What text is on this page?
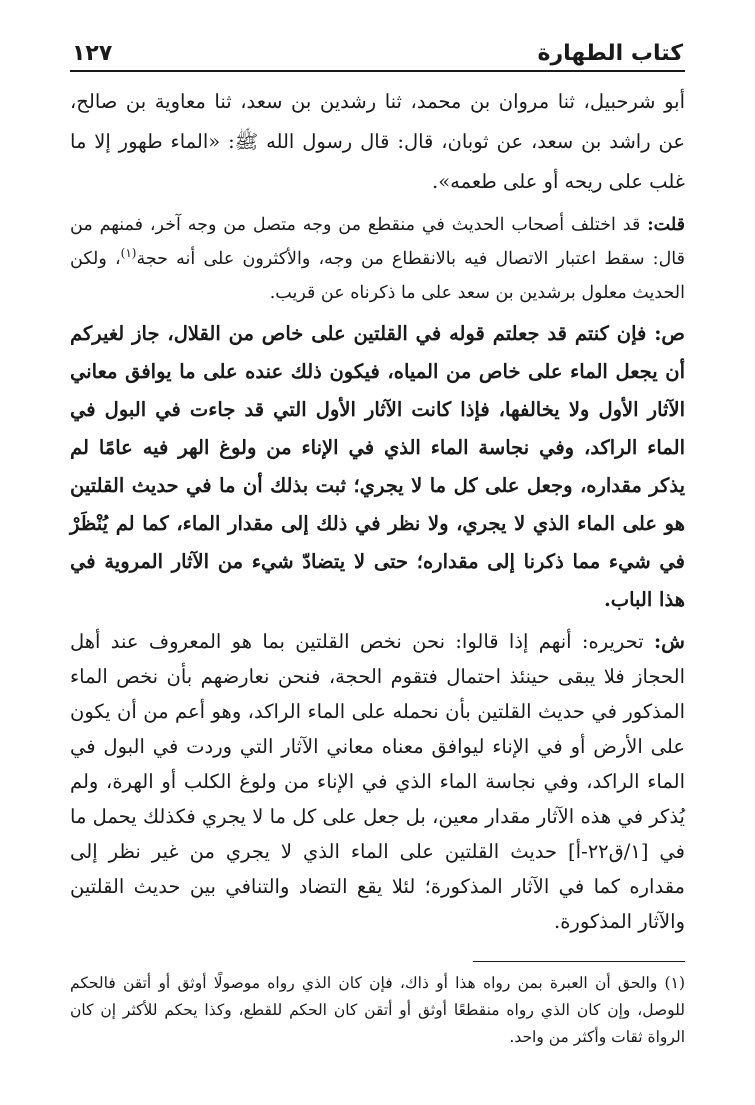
كتاب الطهارة
١٢٧

أبو شرحبيل، ثنا مروان بن محمد، ثنا رشدين بن سعد، ثنا معاوية بن صالح، عن راشد بن سعد، عن ثوبان، قال: قال رسول الله ﷺ: «الماء طهور إلا ما غلب على ريحه أو على طعمه».

قلت: قد اختلف أصحاب الحديث في منقطع من وجه متصل من وجه آخر، فمنهم من قال: سقط اعتبار الاتصال فيه بالانقطاع من وجه، والأكثرون على أنه حجة$^{(١)}$، ولكن الحديث معلول برشدين بن سعد على ما ذكرناه عن قريب.

ص: فإن كنتم قد جعلتم قوله في القلتين على خاص من القلال، جاز لغيركم أن يجعل الماء على خاص من المياه، فيكون ذلك عنده على ما يوافق معاني الآثار الأول ولا يخالفها، فإذا كانت الآثار الأول التي قد جاءت في البول في الماء الراكد، وفي نجاسة الماء الذي في الإناء من ولوغ الهر فيه عامًا لم يذكر مقداره، وجعل على كل ما لا يجري؛ ثبت بذلك أن ما في حديث القلتين هو على الماء الذي لا يجري، ولا نظر في ذلك إلى مقدار الماء، كما لم يُنْظَرْ في شيء مما ذكرنا إلى مقداره؛ حتى لا يتضادّ شيء من الآثار المروية في هذا الباب.

ش: تحريره: أنهم إذا قالوا: نحن نخص القلتين بما هو المعروف عند أهل الحجاز فلا يبقى حينئذ احتمال فتقوم الحجة، فنحن نعارضهم بأن نخص الماء المذكور في حديث القلتين بأن نحمله على الماء الراكد، وهو أعم من أن يكون على الأرض أو في الإناء ليوافق معناه معاني الآثار التي وردت في البول في الماء الراكد، وفي نجاسة الماء الذي في الإناء من ولوغ الكلب أو الهرة، ولم يُذكر في هذه الآثار مقدار معين، بل جعل على كل ما لا يجري فكذلك يحمل ما في [١/ق٢٢-أ] حديث القلتين على الماء الذي لا يجري من غير نظر إلى مقداره كما في الآثار المذكورة؛ لئلا يقع التضاد والتنافي بين حديث القلتين والآثار المذكورة.

(١) والحق أن العبرة بمن رواه هذا أو ذاك، فإن كان الذي رواه موصولًا أوثق أو أتقن فالحكم للوصل، وإن كان الذي رواه منقطعًا أوثق أو أتقن كان الحكم للقطع، وكذا يحكم للأكثر إن كان الرواة ثقات وأكثر من واحد.
